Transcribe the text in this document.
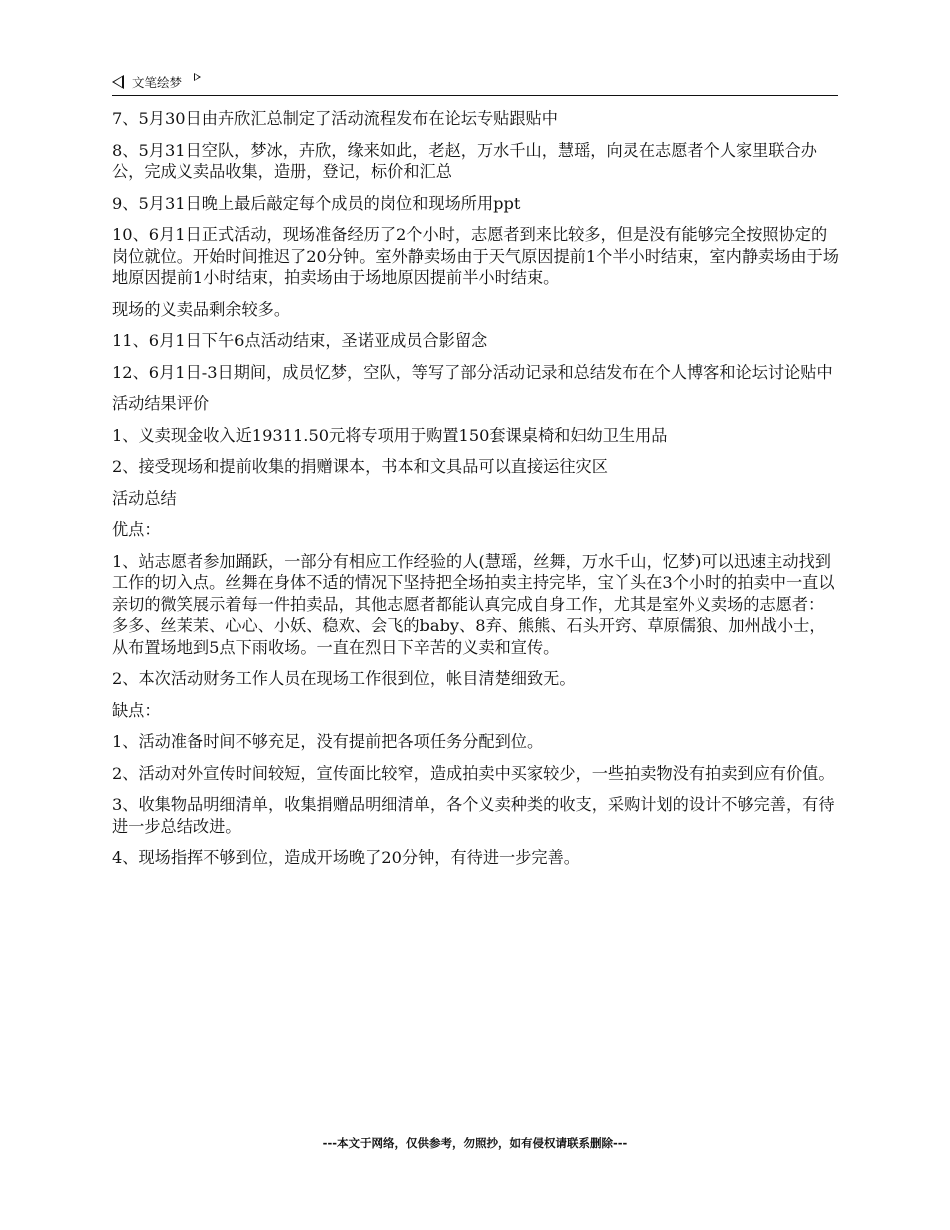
文笔绘梦

7、5月30日由卉欣汇总制定了活动流程发布在论坛专贴跟贴中

8、5月31日空队，梦冰，卉欣，缘来如此，老赵，万水千山，慧瑶，向灵在志愿者个人家里联合办公，完成义卖品收集，造册，登记，标价和汇总

9、5月31日晚上最后敲定每个成员的岗位和现场所用ppt

10、6月1日正式活动，现场准备经历了2个小时，志愿者到来比较多，但是没有能够完全按照协定的岗位就位。开始时间推迟了20分钟。室外静卖场由于天气原因提前1个半小时结束，室内静卖场由于场地原因提前1小时结束，拍卖场由于场地原因提前半小时结束。

现场的义卖品剩余较多。

11、6月1日下午6点活动结束，圣诺亚成员合影留念

12、6月1日-3日期间，成员忆梦，空队，等写了部分活动记录和总结发布在个人博客和论坛讨论贴中

活动结果评价

1、义卖现金收入近19311.50元将专项用于购置150套课桌椅和妇幼卫生用品

2、接受现场和提前收集的捐赠课本，书本和文具品可以直接运往灾区

活动总结

优点：

1、站志愿者参加踊跃，一部分有相应工作经验的人(慧瑶，丝舞，万水千山，忆梦)可以迅速主动找到工作的切入点。丝舞在身体不适的情况下坚持把全场拍卖主持完毕，宝丫头在3个小时的拍卖中一直以亲切的微笑展示着每一件拍卖品，其他志愿者都能认真完成自身工作，尤其是室外义卖场的志愿者：多多、丝茉茉、心心、小妖、稳欢、会飞的baby、8弃、熊熊、石头开窍、草原儒狼、加州战小士，从布置场地到5点下雨收场。一直在烈日下辛苦的义卖和宣传。

2、本次活动财务工作人员在现场工作很到位，帐目清楚细致无。

缺点：

1、活动准备时间不够充足，没有提前把各项任务分配到位。

2、活动对外宣传时间较短，宣传面比较窄，造成拍卖中买家较少，一些拍卖物没有拍卖到应有价值。

3、收集物品明细清单，收集捐赠品明细清单，各个义卖种类的收支，采购计划的设计不够完善，有待进一步总结改进。

4、现场指挥不够到位，造成开场晚了20分钟，有待进一步完善。

---本文于网络，仅供参考，勿照抄，如有侵权请联系删除---
